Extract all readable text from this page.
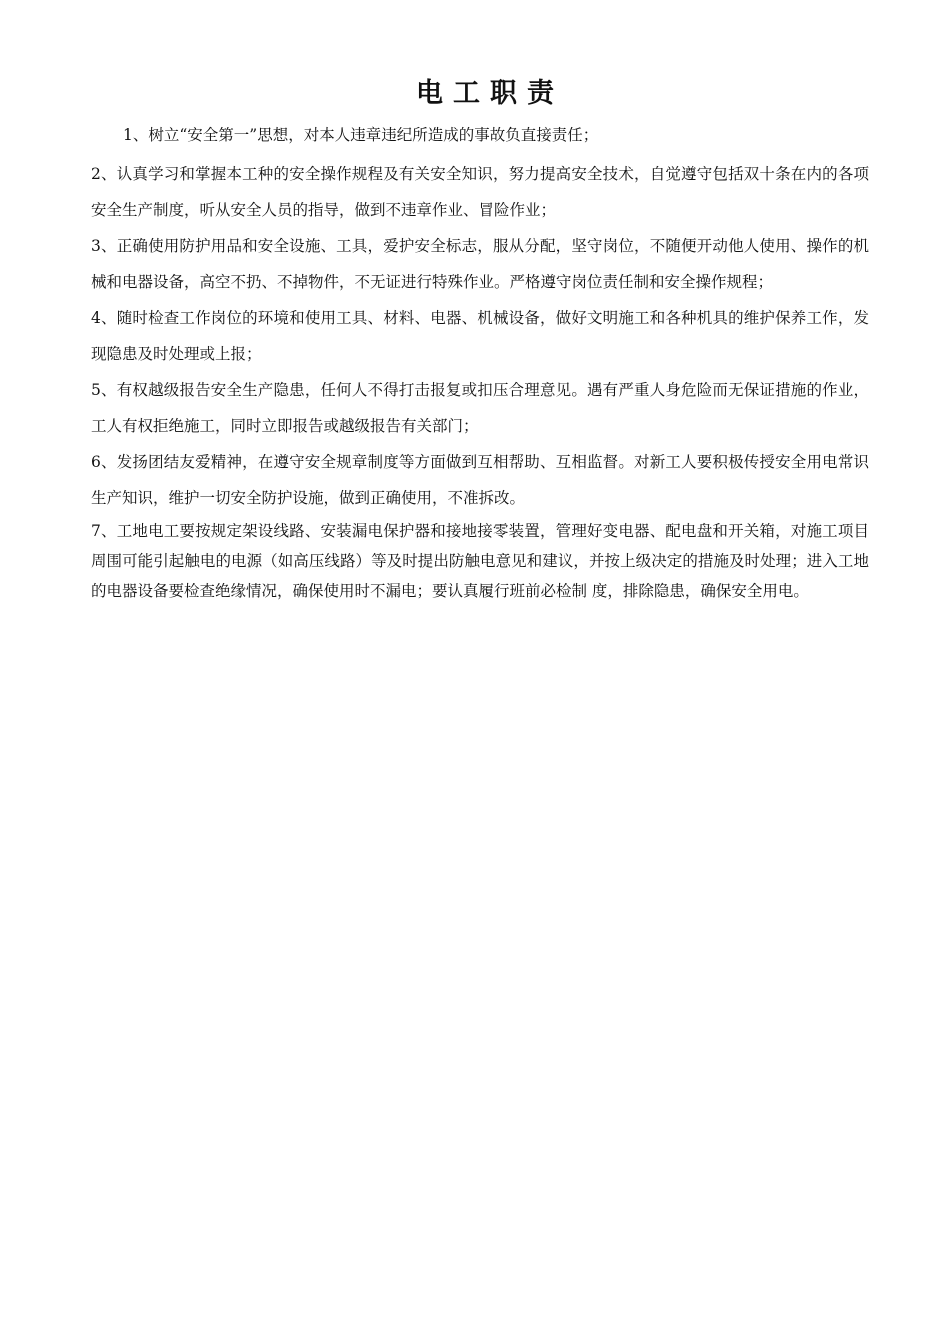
电工职责

1、树立“安全第一”思想，对本人违章违纪所造成的事故负直接责任；

2、认真学习和掌握本工种的安全操作规程及有关安全知识，努力提高安全技术，自觉遵守包括双十条在内的各项安全生产制度，听从安全人员的指导，做到不违章作业、冒险作业；

3、正确使用防护用品和安全设施、工具，爱护安全标志，服从分配，坚守岗位，不随便开动他人使用、操作的机械和电器设备，高空不扔、不掉物件，不无证进行特殊作业。严格遵守岗位责任制和安全操作规程；

4、随时检查工作岗位的环境和使用工具、材料、电器、机械设备，做好文明施工和各种机具的维护保养工作，发现隐患及时处理或上报；

5、有权越级报告安全生产隐患，任何人不得打击报复或扣压合理意见。遇有严重人身危险而无保证措施的作业，工人有权拒绝施工，同时立即报告或越级报告有关部门；

6、发扬团结友爱精神，在遵守安全规章制度等方面做到互相帮助、互相监督。对新工人要积极传授安全用电常识生产知识，维护一切安全防护设施，做到正确使用，不准拆改。

7、工地电工要按规定架设线路、安装漏电保护器和接地接零装置，管理好变电器、配电盘和开关箱，对施工项目周围可能引起触电的电源（如高压线路）等及时提出防触电意见和建议，并按上级决定的措施及时处理；进入工地的电器设备要检查绝缘情况，确保使用时不漏电；要认真履行班前必检制 度，排除隐患，确保安全用电。
